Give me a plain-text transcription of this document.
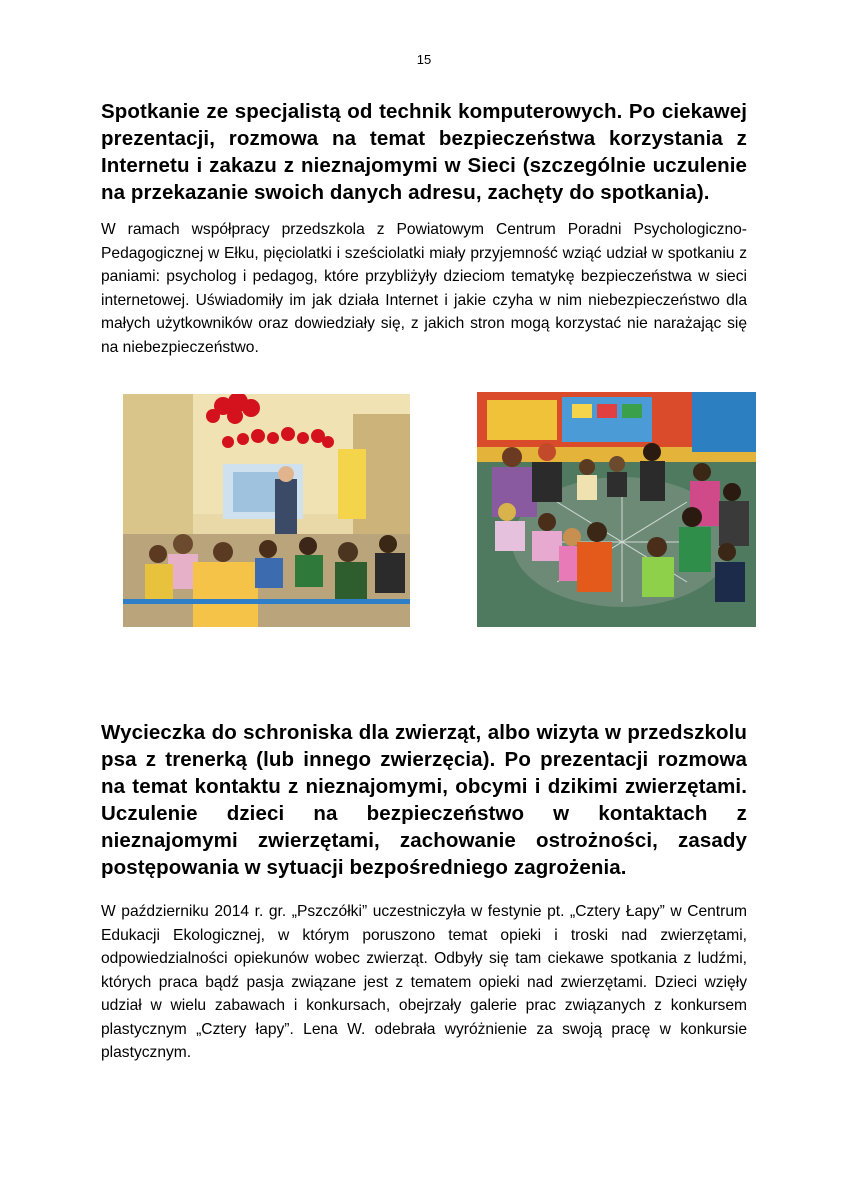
15
Spotkanie ze specjalistą od technik komputerowych. Po ciekawej prezentacji, rozmowa na temat bezpieczeństwa korzystania z Internetu i zakazu z nieznajomymi w Sieci (szczególnie uczulenie na przekazanie swoich danych adresu, zachęty do spotkania).
W ramach współpracy przedszkola z Powiatowym Centrum Poradni Psychologiczno-Pedagogicznej w Ełku, pięciolatki i sześciolatki miały przyjemność wziąć udział w spotkaniu z paniami: psycholog i pedagog, które przybliżyły dzieciom tematykę bezpieczeństwa w sieci internetowej. Uświadomiły im jak działa Internet i jakie czyha w nim niebezpieczeństwo dla małych użytkowników oraz dowiedziały się, z jakich stron mogą korzystać nie narażając się na niebezpieczeństwo.
Wycieczka do schroniska dla zwierząt, albo wizyta w przedszkolu psa z trenerką (lub innego zwierzęcia). Po prezentacji rozmowa na temat kontaktu z nieznajomymi, obcymi i dzikimi zwierzętami. Uczulenie dzieci na bezpieczeństwo w kontaktach z nieznajomymi zwierzętami, zachowanie ostrożności, zasady postępowania w sytuacji bezpośredniego zagrożenia.
W październiku 2014 r. gr. „Pszczółki” uczestniczyła w festynie pt. „Cztery Łapy” w Centrum Edukacji Ekologicznej, w którym poruszono temat opieki i troski nad zwierzętami, odpowiedzialności opiekunów wobec zwierząt. Odbyły się tam ciekawe spotkania z ludźmi, których praca bądź pasja związane jest z tematem opieki nad zwierzętami. Dzieci wzięły udział w wielu zabawach i konkursach, obejrzały galerie prac związanych z konkursem plastycznym „Cztery łapy”. Lena W. odebrała wyróżnienie za swoją pracę w konkursie plastycznym.
